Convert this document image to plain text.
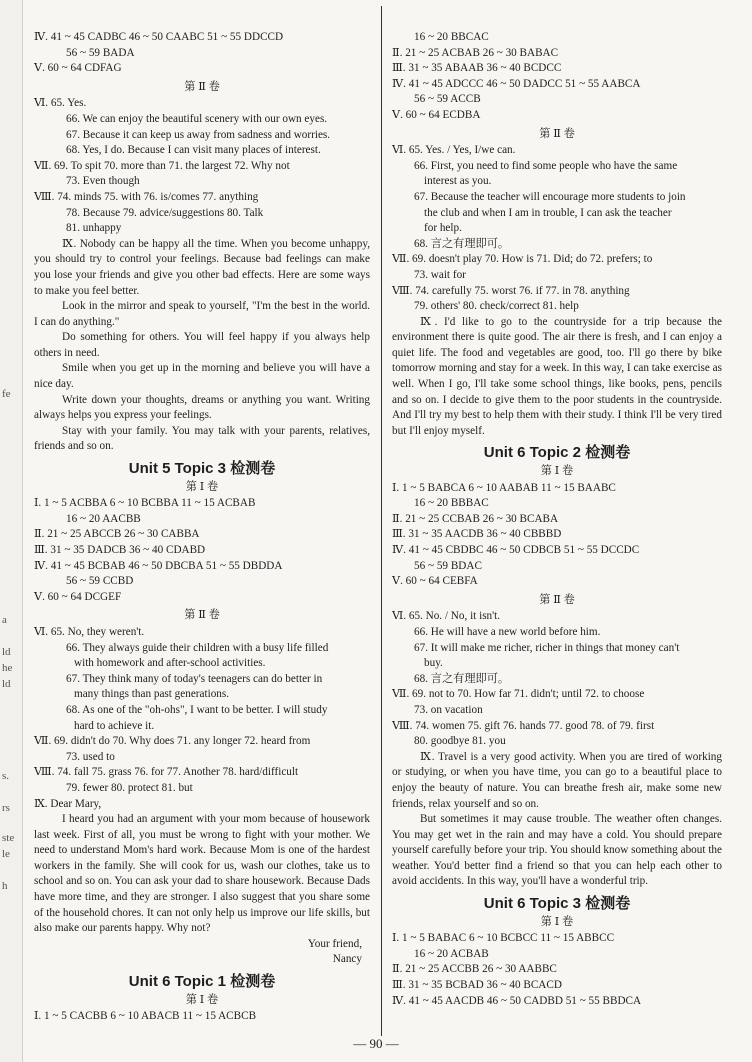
fe
a
ld
he
ld
s.
rs
ste
le
h
Ⅳ. 41 ~ 45 CADBC 46 ~ 50 CAABC 51 ~ 55 DDCCD
56 ~ 59 BADA
Ⅴ. 60 ~ 64 CDFAG
第 Ⅱ 卷
Ⅵ. 65. Yes.
66. We can enjoy the beautiful scenery with our own eyes.
67. Because it can keep us away from sadness and worries.
68. Yes, I do. Because I can visit many places of interest.
Ⅶ. 69. To spit 70. more than 71. the largest 72. Why not
73. Even though
Ⅷ. 74. minds 75. with 76. is/comes 77. anything
78. Because 79. advice/suggestions 80. Talk
81. unhappy
Ⅸ. Nobody can be happy all the time. When you become unhappy, you should try to control your feelings. Because bad feelings can make you lose your friends and give you other bad effects. Here are some ways to make you feel better.
Look in the mirror and speak to yourself, "I'm the best in the world. I can do anything."
Do something for others. You will feel happy if you always help others in need.
Smile when you get up in the morning and believe you will have a nice day.
Write down your thoughts, dreams or anything you want. Writing always helps you express your feelings.
Stay with your family. You may talk with your parents, relatives, friends and so on.
Unit 5 Topic 3 检测卷
第 Ⅰ 卷
Ⅰ. 1 ~ 5 ACBBA 6 ~ 10 BCBBA 11 ~ 15 ACBAB
16 ~ 20 AACBB
Ⅱ. 21 ~ 25 ABCCB 26 ~ 30 CABBA
Ⅲ. 31 ~ 35 DADCB 36 ~ 40 CDABD
Ⅳ. 41 ~ 45 BCBAB 46 ~ 50 DBCBA 51 ~ 55 DBDDA
56 ~ 59 CCBD
Ⅴ. 60 ~ 64 DCGEF
第 Ⅱ 卷
Ⅵ. 65. No, they weren't.
66. They always guide their children with a busy life filled
with homework and after-school activities.
67. They think many of today's teenagers can do better in
many things than past generations.
68. As one of the "oh-ohs", I want to be better. I will study
hard to achieve it.
Ⅶ. 69. didn't do 70. Why does 71. any longer 72. heard from
73. used to
Ⅷ. 74. fall 75. grass 76. for 77. Another 78. hard/difficult
79. fewer 80. protect 81. but
Ⅸ. Dear Mary,
I heard you had an argument with your mom because of housework last week. First of all, you must be wrong to fight with your mother. We need to understand Mom's hard work. Because Mom is one of the hardest workers in the family. She will cook for us, wash our clothes, take us to school and so on. You can ask your dad to share housework. Because Dads have more time, and they are stronger. I also suggest that you share some of the household chores. It can not only help us improve our life skills, but also make our parents happy. Why not?
Your friend,
Nancy
Unit 6 Topic 1 检测卷
第 Ⅰ 卷
Ⅰ. 1 ~ 5 CACBB 6 ~ 10 ABACB 11 ~ 15 ACBCB
16 ~ 20 BBCAC
Ⅱ. 21 ~ 25 ACBAB 26 ~ 30 BABAC
Ⅲ. 31 ~ 35 ABAAB 36 ~ 40 BCDCC
Ⅳ. 41 ~ 45 ADCCC 46 ~ 50 DADCC 51 ~ 55 AABCA
56 ~ 59 ACCB
Ⅴ. 60 ~ 64 ECDBA
第 Ⅱ 卷
Ⅵ. 65. Yes. / Yes, I/we can.
66. First, you need to find some people who have the same
interest as you.
67. Because the teacher will encourage more students to join
the club and when I am in trouble, I can ask the teacher
for help.
68. 言之有理即可。
Ⅶ. 69. doesn't play 70. How is 71. Did; do 72. prefers; to
73. wait for
Ⅷ. 74. carefully 75. worst 76. if 77. in 78. anything
79. others' 80. check/correct 81. help
Ⅸ. I'd like to go to the countryside for a trip because the environment there is quite good. The air there is fresh, and I can enjoy a quiet life. The food and vegetables are good, too. I'll go there by bike tomorrow morning and stay for a week. In this way, I can take exercise as well. When I go, I'll take some school things, like books, pens, pencils and so on. I decide to give them to the poor students in the countryside. And I'll try my best to help them with their study. I think I'll be very tired but I'll enjoy myself.
Unit 6 Topic 2 检测卷
第 Ⅰ 卷
Ⅰ. 1 ~ 5 BABCA 6 ~ 10 AABAB 11 ~ 15 BAABC
16 ~ 20 BBBAC
Ⅱ. 21 ~ 25 CCBAB 26 ~ 30 BCABA
Ⅲ. 31 ~ 35 AACDB 36 ~ 40 CBBBD
Ⅳ. 41 ~ 45 CBDBC 46 ~ 50 CDBCB 51 ~ 55 DCCDC
56 ~ 59 BDAC
Ⅴ. 60 ~ 64 CEBFA
第 Ⅱ 卷
Ⅵ. 65. No. / No, it isn't.
66. He will have a new world before him.
67. It will make me richer, richer in things that money can't
buy.
68. 言之有理即可。
Ⅶ. 69. not to 70. How far 71. didn't; until 72. to choose
73. on vacation
Ⅷ. 74. women 75. gift 76. hands 77. good 78. of 79. first
80. goodbye 81. you
Ⅸ. Travel is a very good activity. When you are tired of working or studying, or when you have time, you can go to a beautiful place to enjoy the beauty of nature. You can breathe fresh air, make some new friends, relax yourself and so on.
But sometimes it may cause trouble. The weather often changes. You may get wet in the rain and may have a cold. You should prepare yourself carefully before your trip. You should know something about the weather. You'd better find a friend so that you can help each other to avoid accidents. In this way, you'll have a wonderful trip.
Unit 6 Topic 3 检测卷
第 Ⅰ 卷
Ⅰ. 1 ~ 5 BABAC 6 ~ 10 BCBCC 11 ~ 15 ABBCC
16 ~ 20 ACBAB
Ⅱ. 21 ~ 25 ACCBB 26 ~ 30 AABBC
Ⅲ. 31 ~ 35 BCBAD 36 ~ 40 BCACD
Ⅳ. 41 ~ 45 AACDB 46 ~ 50 CADBD 51 ~ 55 BBDCA
— 90 —
